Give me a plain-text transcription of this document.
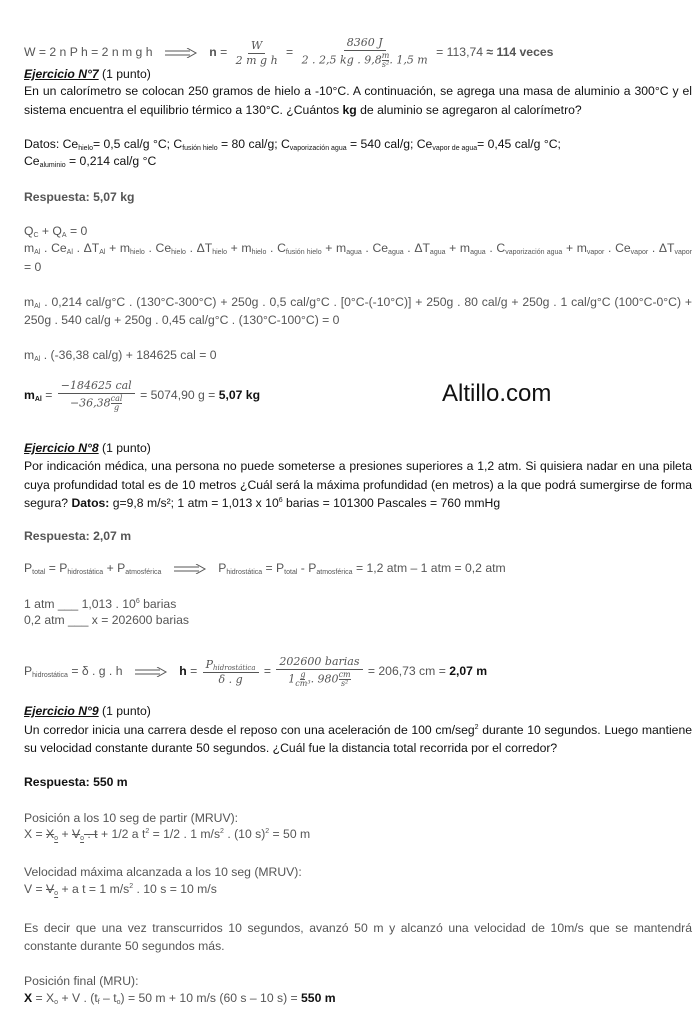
W = 2 n P h = 2 n m g h	$n = \frac{W}{\text{2 m g h}} = \frac{8360 J}{2 . 2,5 kg . 9,8 \frac{m}{\text{s²}} . 1,5 m} = 113,74 \approx 114$ veces
Ejercicio N°7 (1 punto)
En un calorímetro se colocan 250 gramos de hielo a -10°C. A continuación, se agrega una masa de aluminio a 300°C y el sistema encuentra el equilibrio térmico a 130°C. ¿Cuántos kg de aluminio se agregaron al calorímetro?
Datos: $Ce_{hielo}= 0,5$ cal/g °C; $C_{fusión hielo} = 80$ cal/g; $C_{vaporización agua} = 540$ cal/g; $Ce_{vapor de agua}= 0,45$ cal/g °C;
$Ce_{aluminio} = 0,214$ cal/g °C
Respuesta: 5,07 kg
$Q_C + Q_A = 0$
$m_{Al}$ . $Ce_{Al}$ . $\Delta T_{Al} + m_{hielo}$ . $Ce_{hielo}$ . $\Delta T_{hielo} + m_{hielo}$ . $C_{fusión hielo} + m_{agua}$ . $Ce_{agua}$ . $\Delta T_{agua} + m_{agua}$ . $C_{vaporización agua} + m_{vapor}$ . $Ce_{vapor}$ . $\Delta T_{vapor} = 0$
$m_{Al}$ . 0,214 cal/g°C . (130°C-300°C) + 250g . 0,5 cal/g°C . [0°C-(-10°C)] + 250g . 80 cal/g + 250g . 1 cal/g°C (100°C-0°C) + 250g . 540 cal/g + 250g . 0,45 cal/g°C . (130°C-100°C) = 0
$m_{Al}$ . (-36,38 cal/g) + 184625 cal = 0
$m_{Al} = -184625$ cal
−36,38 cal
g = 5074,90 g = 5,07 kg	Altillo.com
Ejercicio N°8 (1 punto)
Por indicación médica, una persona no puede someterse a presiones superiores a 1,2 atm. Si quisiera nadar en una pileta cuya profundidad total es de 10 metros ¿Cuál será la máxima profundidad (en metros) a la que podrá sumergirse de forma segura? Datos: g=9,8 m/s²; 1 atm = 1,013 x $10^6$ barias = 101300 Pascales = 760 mmHg
Respuesta: 2,07 m
$P_{total} = P_{hidrostática} + P_{atmosférica}$	$P_{hidrostática} = P_{total} - P_{atmosférica} = 1,2$ atm – 1 atm = 0,2 atm
1 atm ___ 1,013 . $10^6$ barias
0,2 atm ___ x = 202600 barias
$P_{hidrostática} = \delta$ . g . h	$h = \frac{P_{hidrostática}}{\delta . g} = \frac{\text{202600 barias}}{1 \frac{g}{\text{cm³}} . 980 \frac{cm}{\text{s²}}} = 206,73$ cm = 2,07 m
Ejercicio N°9 (1 punto)
Un corredor inicia una carrera desde el reposo con una aceleración de 100 cm/seg$^2$ durante 10 segundos. Luego mantiene su velocidad constante durante 50 segundos. ¿Cuál fue la distancia total recorrida por el corredor?
Respuesta: 550 m
Posición a los 10 seg de partir (MRUV):
$X = X_o + V_o$ . t + 1/2 a $t^2 = 1/2$ . 1 $m/s^2$ . (10 s)$^2$ = 50 m
Velocidad máxima alcanzada a los 10 seg (MRUV):
$V = V_o + a$ t = 1 $m/s^2$ . 10 s = 10 m/s
Es decir que una vez transcurridos 10 segundos, avanzó 50 m y alcanzó una velocidad de 10m/s que se mantendrá constante durante 50 segundos más.
Posición final (MRU):
$X = X_o + V$ . $(t_f - t_o) = 50$ m + 10 m/s (60 s – 10 s) = 550 m
